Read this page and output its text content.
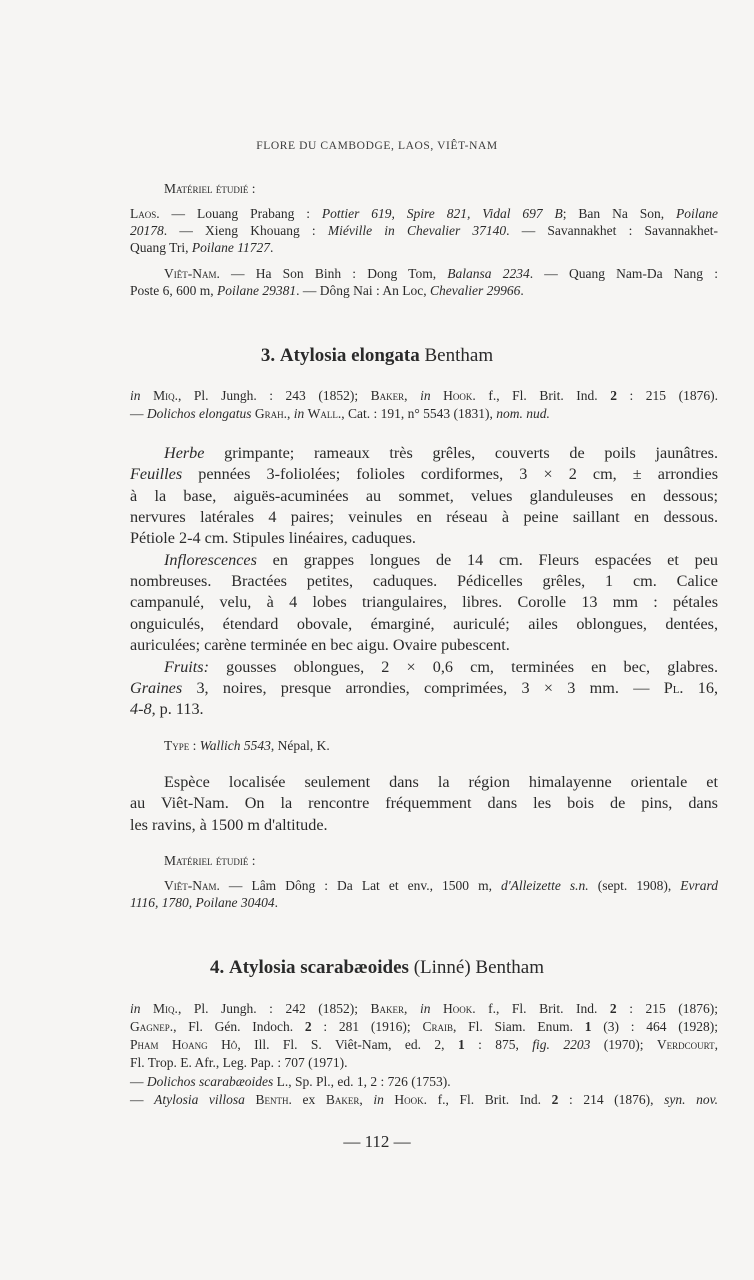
FLORE DU CAMBODGE, LAOS, VIÊT-NAM
Matériel étudié :
Laos. — Louang Prabang : Pottier 619, Spire 821, Vidal 697 B; Ban Na Son, Poilane
20178. — Xieng Khouang : Miéville in Chevalier 37140. — Savannakhet : Savannakhet-
Quang Tri, Poilane 11727.
Viêt-Nam. — Ha Son Binh : Dong Tom, Balansa 2234. — Quang Nam-Da Nang :
Poste 6, 600 m, Poilane 29381. — Dông Nai : An Loc, Chevalier 29966.
3. Atylosia elongata Bentham
in Miq., Pl. Jungh. : 243 (1852); Baker, in Hook. f., Fl. Brit. Ind. 2 : 215 (1876).
— Dolichos elongatus Grah., in Wall., Cat. : 191, n° 5543 (1831), nom. nud.
Herbe grimpante; rameaux très grêles, couverts de poils jaunâtres.
Feuilles pennées 3-foliolées; folioles cordiformes, 3 × 2 cm, ± arrondies
à la base, aiguës-acuminées au sommet, velues glanduleuses en dessous;
nervures latérales 4 paires; veinules en réseau à peine saillant en dessous.
Pétiole 2-4 cm. Stipules linéaires, caduques.
Inflorescences en grappes longues de 14 cm. Fleurs espacées et peu
nombreuses. Bractées petites, caduques. Pédicelles grêles, 1 cm. Calice
campanulé, velu, à 4 lobes triangulaires, libres. Corolle 13 mm : pétales
onguiculés, étendard obovale, émarginé, auriculé; ailes oblongues, dentées,
auriculées; carène terminée en bec aigu. Ovaire pubescent.
Fruits: gousses oblongues, 2 × 0,6 cm, terminées en bec, glabres.
Graines 3, noires, presque arrondies, comprimées, 3 × 3 mm. — Pl. 16,
4-8, p. 113.
Type : Wallich 5543, Népal, K.
Espèce localisée seulement dans la région himalayenne orientale et
au Viêt-Nam. On la rencontre fréquemment dans les bois de pins, dans
les ravins, à 1500 m d'altitude.
Matériel étudié :
Viêt-Nam. — Lâm Dông : Da Lat et env., 1500 m, d'Alleizette s.n. (sept. 1908), Evrard
1116, 1780, Poilane 30404.
4. Atylosia scarabæoides (Linné) Bentham
in Miq., Pl. Jungh. : 242 (1852); Baker, in Hook. f., Fl. Brit. Ind. 2 : 215 (1876);
Gagnep., Fl. Gén. Indoch. 2 : 281 (1916); Craib, Fl. Siam. Enum. 1 (3) : 464 (1928);
Pham Hoang Hô, Ill. Fl. S. Viêt-Nam, ed. 2, 1 : 875, fig. 2203 (1970); Verdcourt,
Fl. Trop. E. Afr., Leg. Pap. : 707 (1971).
— Dolichos scarabæoides L., Sp. Pl., ed. 1, 2 : 726 (1753).
— Atylosia villosa Benth. ex Baker, in Hook. f., Fl. Brit. Ind. 2 : 214 (1876), syn. nov.
— 112 —
